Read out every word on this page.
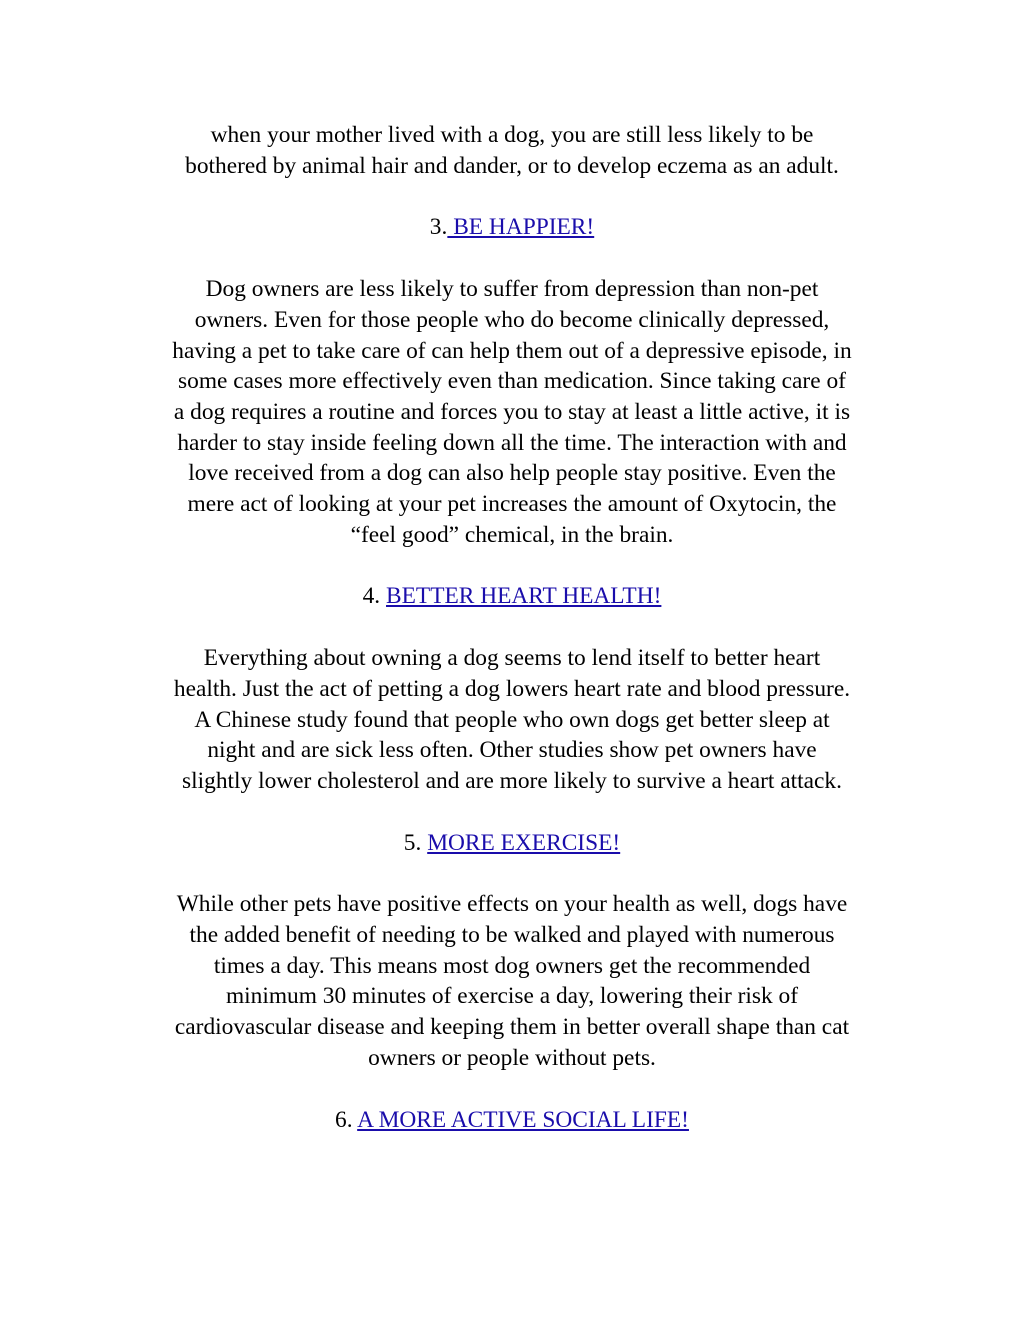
when your mother lived with a dog, you are still less likely to be
bothered by animal hair and dander, or to develop eczema as an adult.

3. BE HAPPIER!

Dog owners are less likely to suffer from depression than non-pet
owners. Even for those people who do become clinically depressed,
having a pet to take care of can help them out of a depressive episode, in
some cases more effectively even than medication. Since taking care of
a dog requires a routine and forces you to stay at least a little active, it is
harder to stay inside feeling down all the time. The interaction with and
love received from a dog can also help people stay positive. Even the
mere act of looking at your pet increases the amount of Oxytocin, the
“feel good” chemical, in the brain.

4. BETTER HEART HEALTH!

Everything about owning a dog seems to lend itself to better heart
health. Just the act of petting a dog lowers heart rate and blood pressure.
A Chinese study found that people who own dogs get better sleep at
night and are sick less often. Other studies show pet owners have
slightly lower cholesterol and are more likely to survive a heart attack.

5. MORE EXERCISE!

While other pets have positive effects on your health as well, dogs have
the added benefit of needing to be walked and played with numerous
times a day. This means most dog owners get the recommended
minimum 30 minutes of exercise a day, lowering their risk of
cardiovascular disease and keeping them in better overall shape than cat
owners or people without pets.

6. A MORE ACTIVE SOCIAL LIFE!
